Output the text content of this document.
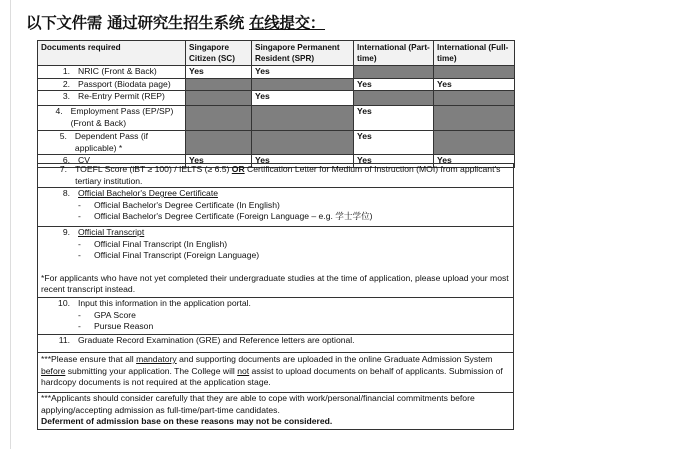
以下文件需 通过研究生招生系统 在线提交：
Documents required	Singapore Citizen (SC)	Singapore Permanent Resident (SPR)	International (Part-time)	International (Full-time)

1. NRIC (Front & Back)	Yes	Yes		

2. Passport (Biodata page)			Yes	Yes

3. Re-Entry Permit (REP)		Yes		

4. Employment Pass (EP/SP) (Front & Back)			Yes	

5. Dependent Pass (if applicable) *			Yes	

6. CV	Yes	Yes	Yes	Yes
7. TOEFL Score (iBT ≥ 100) / IELTS (≥ 6.5) OR Certification Letter for Medium of Instruction (MOI) from applicant's tertiary institution.

8. Official Bachelor's Degree Certificate
- Official Bachelor's Degree Certificate (In English)
- Official Bachelor's Degree Certificate (Foreign Language – e.g. 学士学位)

9. Official Transcript
- Official Final Transcript (In English)
- Official Final Transcript (Foreign Language)
*For applicants who have not yet completed their undergraduate studies at the time of application, please upload your most recent transcript instead.

10. Input this information in the application portal.
- GPA Score
- Pursue Reason

11. Graduate Record Examination (GRE) and Reference letters are optional.
***Please ensure that all mandatory and supporting documents are uploaded in the online Graduate Admission System before submitting your application. The College will not assist to upload documents on behalf of applicants. Submission of hardcopy documents is not required at the application stage.

***Applicants should consider carefully that they are able to cope with work/personal/financial commitments before applying/accepting admission as full-time/part-time candidates.
Deferment of admission base on these reasons may not be considered.
